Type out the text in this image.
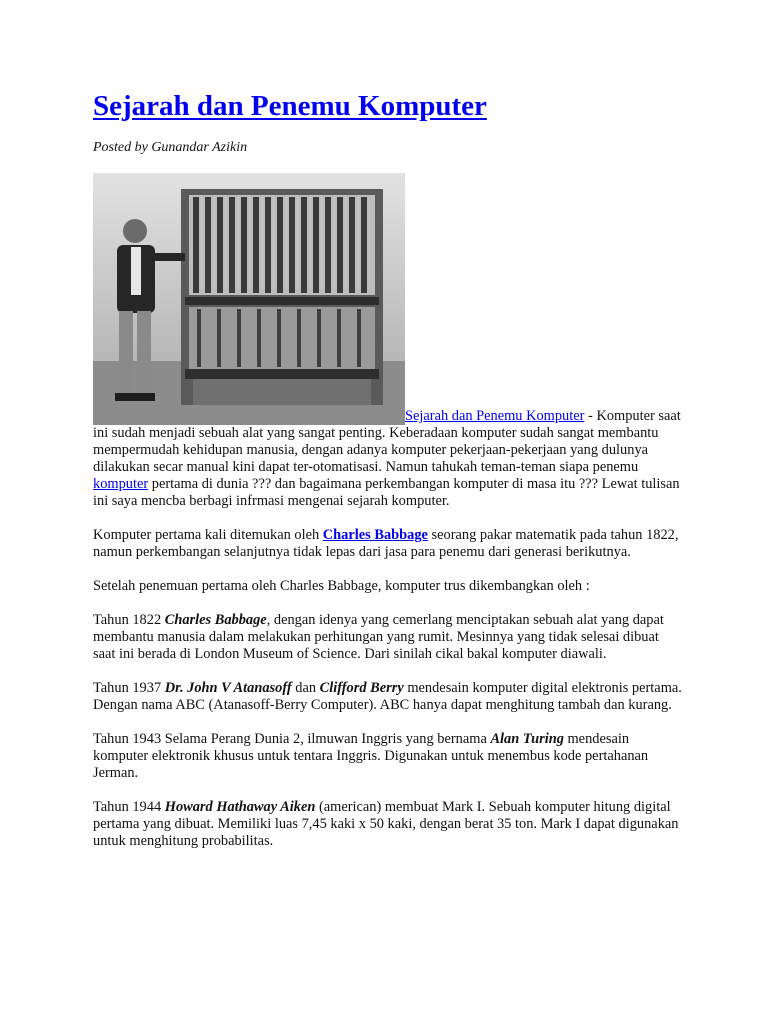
Sejarah dan Penemu Komputer
Posted by Gunandar Azikin
Sejarah dan Penemu Komputer - Komputer saat ini sudah menjadi sebuah alat yang sangat penting. Keberadaan komputer sudah sangat membantu mempermudah kehidupan manusia, dengan adanya komputer pekerjaan-pekerjaan yang dulunya dilakukan secar manual kini dapat ter-otomatisasi. Namun tahukah teman-teman siapa penemu komputer pertama di dunia ??? dan bagaimana perkembangan komputer di masa itu ??? Lewat tulisan ini saya mencba berbagi infrmasi mengenai sejarah komputer.

Komputer pertama kali ditemukan oleh Charles Babbage seorang pakar matematik pada tahun 1822, namun perkembangan selanjutnya tidak lepas dari jasa para penemu dari generasi berikutnya.

Setelah penemuan pertama oleh Charles Babbage, komputer trus dikembangkan oleh :

Tahun 1822 Charles Babbage, dengan idenya yang cemerlang menciptakan sebuah alat yang dapat membantu manusia dalam melakukan perhitungan yang rumit. Mesinnya yang tidak selesai dibuat saat ini berada di London Museum of Science. Dari sinilah cikal bakal komputer diawali.

Tahun 1937 Dr. John V Atanasoff dan Clifford Berry mendesain komputer digital elektronis pertama. Dengan nama ABC (Atanasoff-Berry Computer). ABC hanya dapat menghitung tambah dan kurang.

Tahun 1943 Selama Perang Dunia 2, ilmuwan Inggris yang bernama Alan Turing mendesain komputer elektronik khusus untuk tentara Inggris. Digunakan untuk menembus kode pertahanan Jerman.

Tahun 1944 Howard Hathaway Aiken (american) membuat Mark I. Sebuah komputer hitung digital pertama yang dibuat. Memiliki luas 7,45 kaki x 50 kaki, dengan berat 35 ton. Mark I dapat digunakan untuk menghitung probabilitas.
